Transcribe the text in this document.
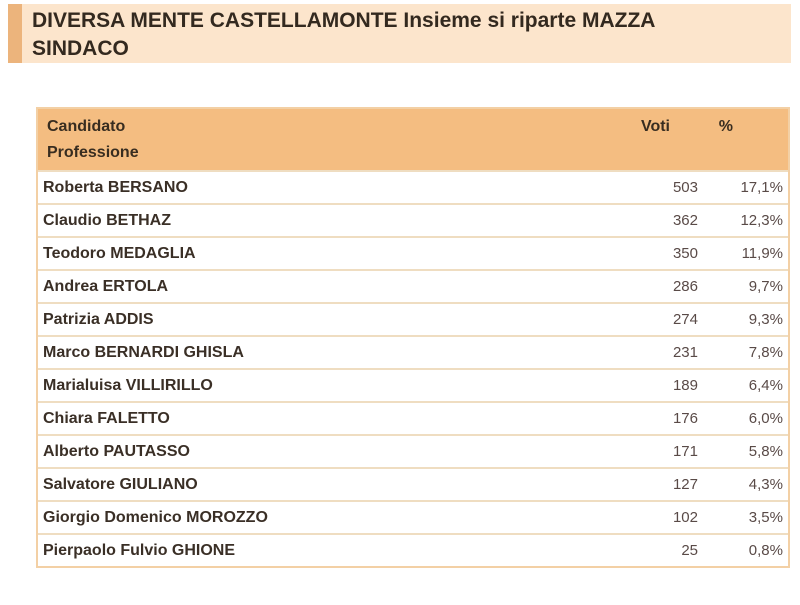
DIVERSA MENTE CASTELLAMONTE Insieme si riparte MAZZA SINDACO
Candidato	Voti	%
Professione
Roberta BERSANO	503	17,1%
Claudio BETHAZ	362	12,3%
Teodoro MEDAGLIA	350	11,9%
Andrea ERTOLA	286	9,7%
Patrizia ADDIS	274	9,3%
Marco BERNARDI GHISLA	231	7,8%
Marialuisa VILLIRILLO	189	6,4%
Chiara FALETTO	176	6,0%
Alberto PAUTASSO	171	5,8%
Salvatore GIULIANO	127	4,3%
Giorgio Domenico MOROZZO	102	3,5%
Pierpaolo Fulvio GHIONE	25	0,8%
